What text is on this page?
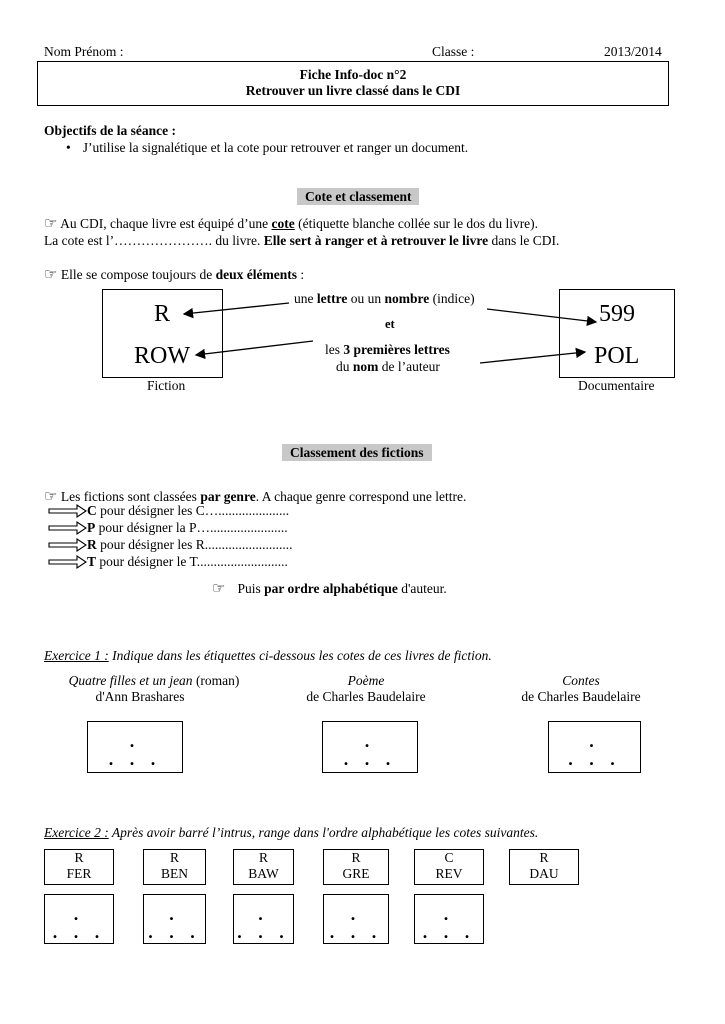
Nom Prénom :	Classe :	2013/2014
Fiche Info-doc n°2
Retrouver un livre classé dans le CDI
Objectifs de la séance :
• J’utilise la signalétique et la cote pour retrouver et ranger un document.
Cote et classement
☞ Au CDI, chaque livre est équipé d’une cote (étiquette blanche collée sur le dos du livre).
La cote est l’…………………. du livre. Elle sert à ranger et à retrouver le livre dans le CDI.
☞ Elle se compose toujours de deux éléments :
R
ROW
Fiction
599
POL
Documentaire
une lettre ou un nombre (indice)
et
les 3 premières lettres
du nom de l’auteur
Classement des fictions
☞ Les fictions sont classées par genre. A chaque genre correspond une lettre.
C pour désigner les C….....................
P pour désigner la P….......................
R pour désigner les R..........................
T pour désigner le T...........................
☞ Puis par ordre alphabétique d'auteur.
Exercice 1 : Indique dans les étiquettes ci-dessous les cotes de ces livres de fiction.
Quatre filles et un jean (roman)
d'Ann Brashares
Poème
de Charles Baudelaire
Contes
de Charles Baudelaire
.
. . .
.
. . .
.
. . .
Exercice 2 : Après avoir barré l’intrus, range dans l'ordre alphabétique les cotes suivantes.
R
FER
R
BEN
R
BAW
R
GRE
C
REV
R
DAU
.
. . .
.
. . .
.
. . .
.
. . .
.
. . .
